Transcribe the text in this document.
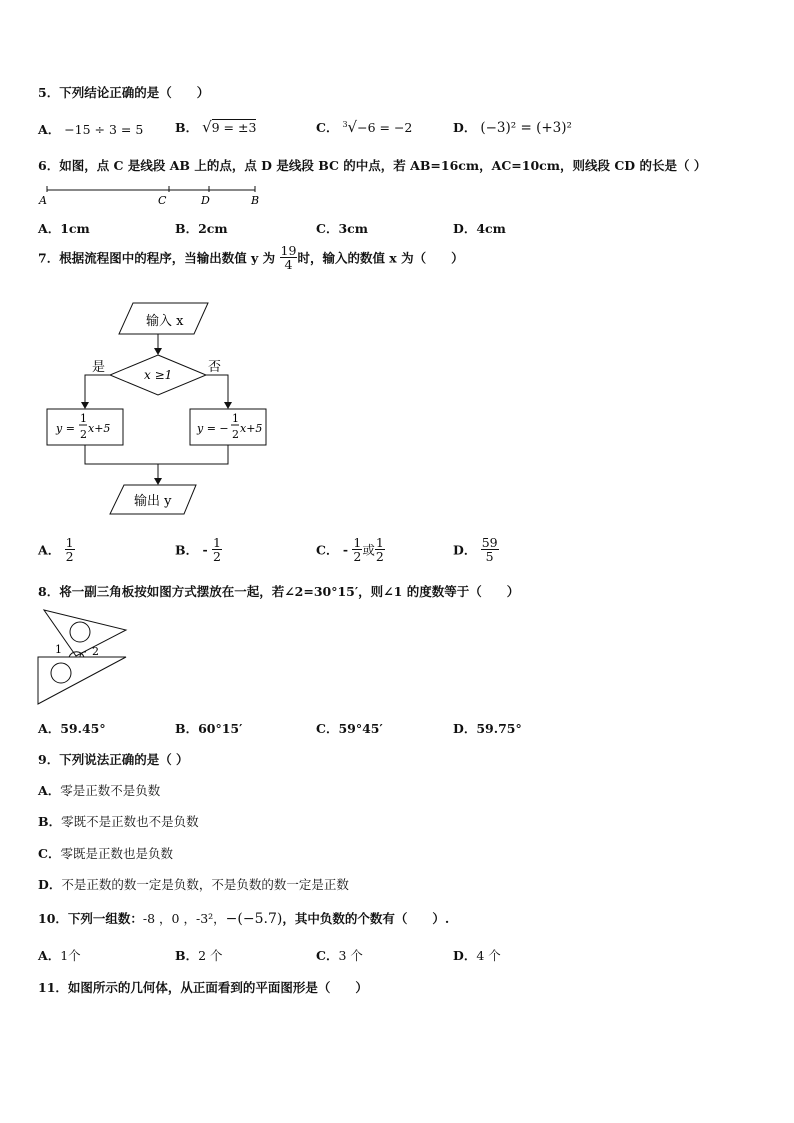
5．下列结论正确的是（　　）
A． −15 ÷ 3 = 5	B． √9 = ±3	C． $^3$√−6 = −2	D． (−3)² = (+3)²
6．如图，点 C 是线段 AB 上的点，点 D 是线段 BC 的中点，若 AB=16cm，AC=10cm，则线段 CD 的长是（ ）
A	C	D	B
A．1cm	B．2cm	C．3cm	D．4cm
7．根据流程图中的程序，当输出数值 y 为 $\frac{19}{4}$ 时，输入的数值 x 为（　　）
输入 x
x ≥1
是	否
y =
1
2 x+5	y = −
1
2 x+5
输出 y
A． $\frac{1}{2}$	B． - $\frac{1}{2}$	C． - $\frac{1}{2}$ 或 $\frac{1}{2}$	D． $\frac{59}{5}$
8．将一副三角板按如图方式摆放在一起，若∠2=30°15′，则∠1 的度数等于（　　）
1	2
A．59.45°	B．60°15′	C．59°45′	D．59.75°
9．下列说法正确的是（ ）
A．零是正数不是负数
B．零既不是正数也不是负数
C．零既是正数也是负数
D．不是正数的数一定是负数，不是负数的数一定是正数
10．下列一组数：-8 ，0 ，-3²，−(−5.7)，其中负数的个数有（　　）.
A．1个	B．2 个	C．3 个	D．4 个
11．如图所示的几何体，从正面看到的平面图形是（　　）
